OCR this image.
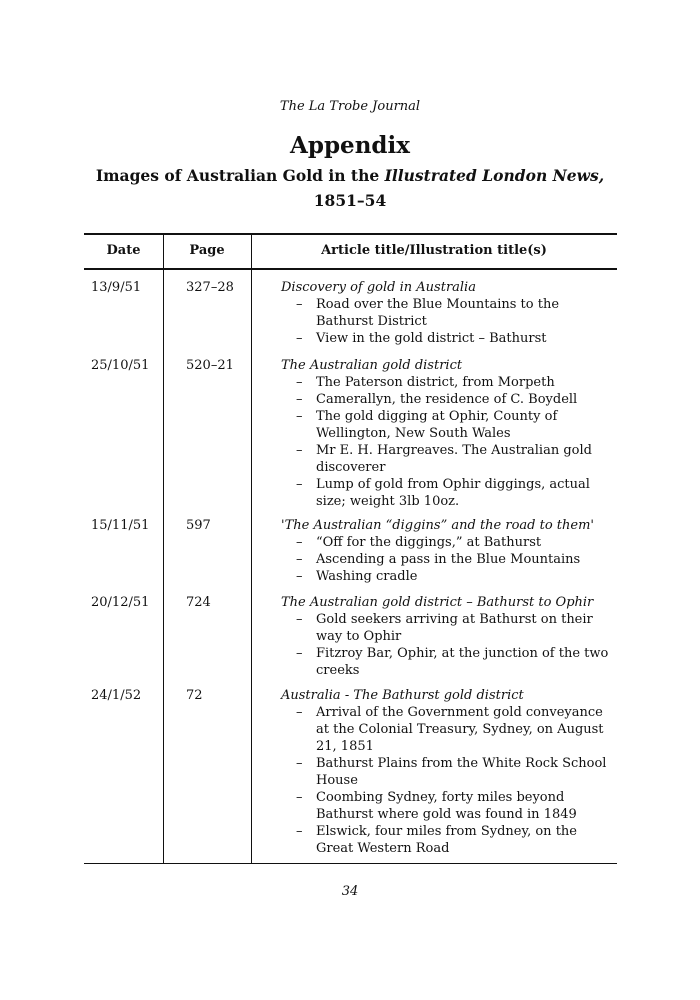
The La Trobe Journal
Appendix
Images of Australian Gold in the Illustrated London News,
1851–54
Date	Page	Article title/Illustration title(s)
13/9/51	327–28	Discovery of gold in Australia
– Road over the Blue Mountains to the Bathurst District
– View in the gold district – Bathurst
25/10/51	520–21	The Australian gold district
– The Paterson district, from Morpeth
– Camerallyn, the residence of C. Boydell
– The gold digging at Ophir, County of Wellington, New South Wales
– Mr E. H. Hargreaves. The Australian gold discoverer
– Lump of gold from Ophir diggings, actual size; weight 3lb 10oz.
15/11/51	597	'The Australian “diggins” and the road to them'
– “Off for the diggings,” at Bathurst
– Ascending a pass in the Blue Mountains
– Washing cradle
20/12/51	724	The Australian gold district – Bathurst to Ophir
– Gold seekers arriving at Bathurst on their way to Ophir
– Fitzroy Bar, Ophir, at the junction of the two creeks
24/1/52	72	Australia - The Bathurst gold district
– Arrival of the Government gold conveyance at the Colonial Treasury, Sydney, on August 21, 1851
– Bathurst Plains from the White Rock School House
– Coombing Sydney, forty miles beyond Bathurst where gold was found in 1849
– Elswick, four miles from Sydney, on the Great Western Road
34
